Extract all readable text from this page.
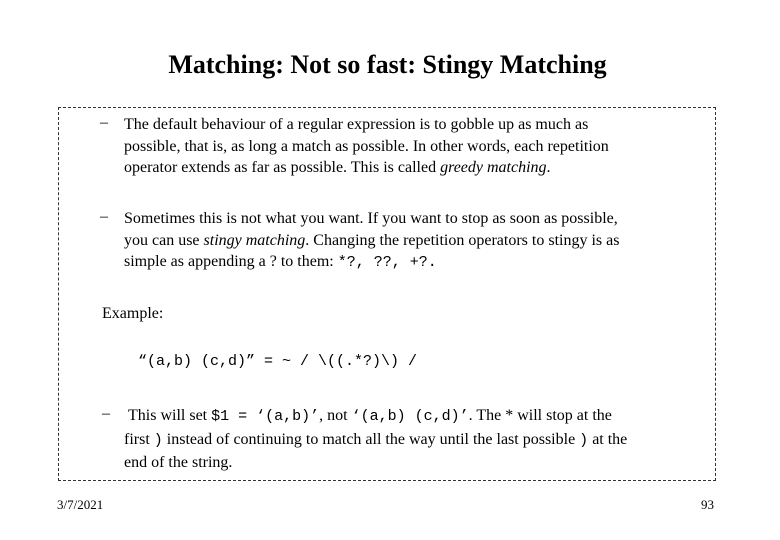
Matching: Not so fast: Stingy Matching
– The default behaviour of a regular expression is to gobble up as much as
possible, that is, as long a match as possible. In other words, each repetition
operator extends as far as possible. This is called greedy matching.
– Sometimes this is not what you want. If you want to stop as soon as possible,
you can use stingy matching. Changing the repetition operators to stingy is as
simple as appending a ? to them: *?, ??, +?.
Example:
“(a,b) (c,d)” = ~ / \((.*?)\) /
– This will set $1 = ‘(a,b)’, not ‘(a,b) (c,d)’. The * will stop at the
first ) instead of continuing to match all the way until the last possible ) at the
end of the string.
3/7/2021	93
